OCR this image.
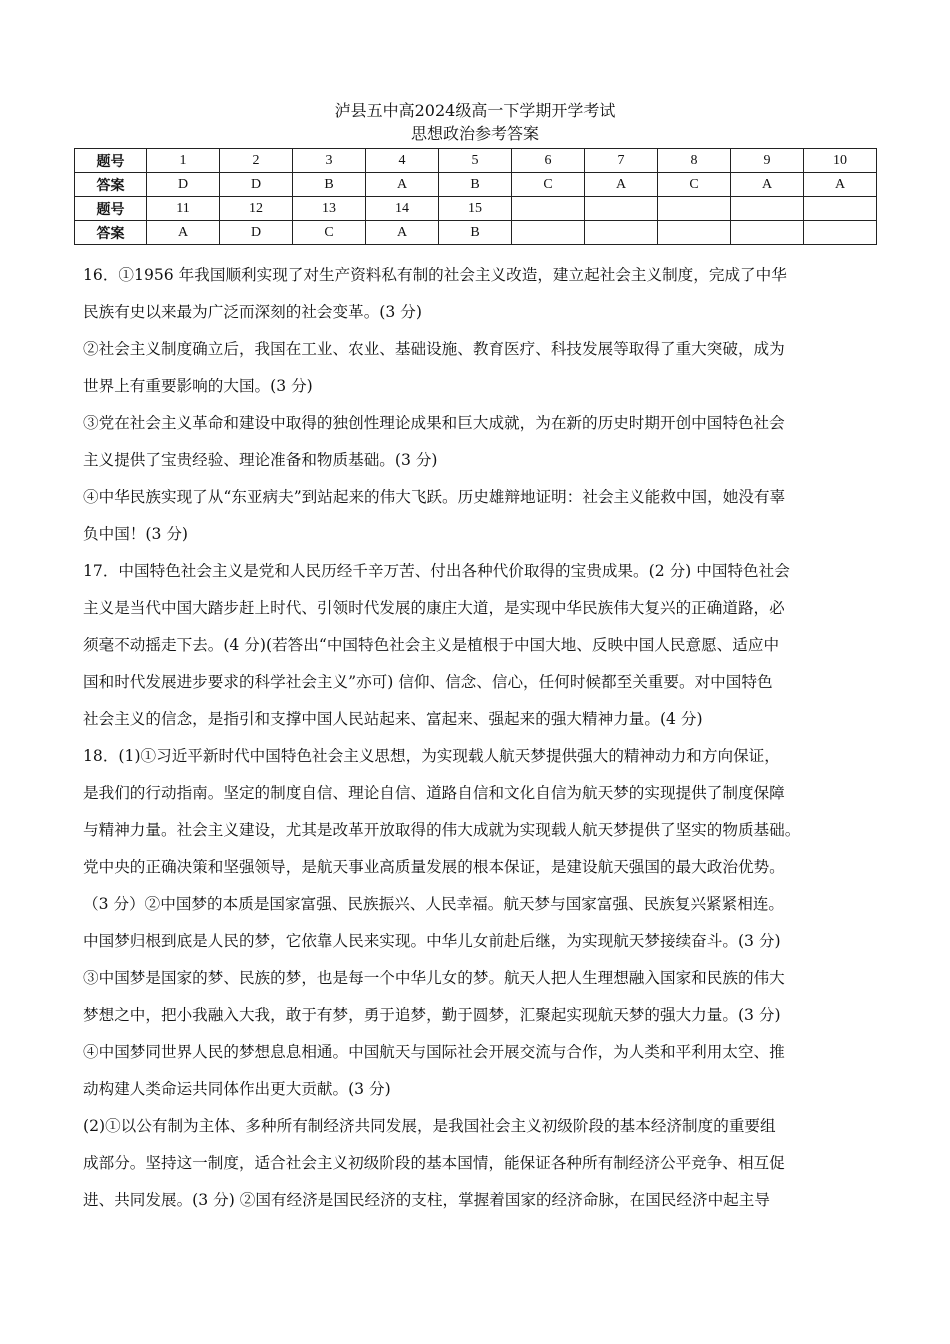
泸县五中高2024级高一下学期开学考试
思想政治参考答案
题号	1	2	3	4	5	6	7	8	9	10
答案	D	D	B	A	B	C	A	C	A	A
题号	11	12	13	14	15					
答案	A	D	C	A	B					

16．①1956 年我国顺利实现了对生产资料私有制的社会主义改造，建立起社会主义制度，完成了中华

民族有史以来最为广泛而深刻的社会变革。(3 分)

②社会主义制度确立后，我国在工业、农业、基础设施、教育医疗、科技发展等取得了重大突破，成为

世界上有重要影响的大国。(3 分)

③党在社会主义革命和建设中取得的独创性理论成果和巨大成就，为在新的历史时期开创中国特色社会

主义提供了宝贵经验、理论准备和物质基础。(3 分)

④中华民族实现了从“东亚病夫”到站起来的伟大飞跃。历史雄辩地证明：社会主义能救中国，她没有辜

负中国！(3 分)

17．中国特色社会主义是党和人民历经千辛万苦、付出各种代价取得的宝贵成果。(2 分) 中国特色社会

主义是当代中国大踏步赶上时代、引领时代发展的康庄大道，是实现中华民族伟大复兴的正确道路，必

须毫不动摇走下去。(4 分)(若答出“中国特色社会主义是植根于中国大地、反映中国人民意愿、适应中

国和时代发展进步要求的科学社会主义”亦可) 信仰、信念、信心，任何时候都至关重要。对中国特色

社会主义的信念，是指引和支撑中国人民站起来、富起来、强起来的强大精神力量。(4 分)

18．(1)①习近平新时代中国特色社会主义思想，为实现载人航天梦提供强大的精神动力和方向保证，

是我们的行动指南。坚定的制度自信、理论自信、道路自信和文化自信为航天梦的实现提供了制度保障

与精神力量。社会主义建设，尤其是改革开放取得的伟大成就为实现载人航天梦提供了坚实的物质基础。

党中央的正确决策和坚强领导，是航天事业高质量发展的根本保证，是建设航天强国的最大政治优势。

（3 分）②中国梦的本质是国家富强、民族振兴、人民幸福。航天梦与国家富强、民族复兴紧紧相连。

中国梦归根到底是人民的梦，它依靠人民来实现。中华儿女前赴后继，为实现航天梦接续奋斗。(3 分)

③中国梦是国家的梦、民族的梦，也是每一个中华儿女的梦。航天人把人生理想融入国家和民族的伟大

梦想之中，把小我融入大我，敢于有梦，勇于追梦，勤于圆梦，汇聚起实现航天梦的强大力量。(3 分)

④中国梦同世界人民的梦想息息相通。中国航天与国际社会开展交流与合作，为人类和平利用太空、推

动构建人类命运共同体作出更大贡献。(3 分)

(2)①以公有制为主体、多种所有制经济共同发展，是我国社会主义初级阶段的基本经济制度的重要组

成部分。坚持这一制度，适合社会主义初级阶段的基本国情，能保证各种所有制经济公平竞争、相互促

进、共同发展。(3 分) ②国有经济是国民经济的支柱，掌握着国家的经济命脉，在国民经济中起主导
